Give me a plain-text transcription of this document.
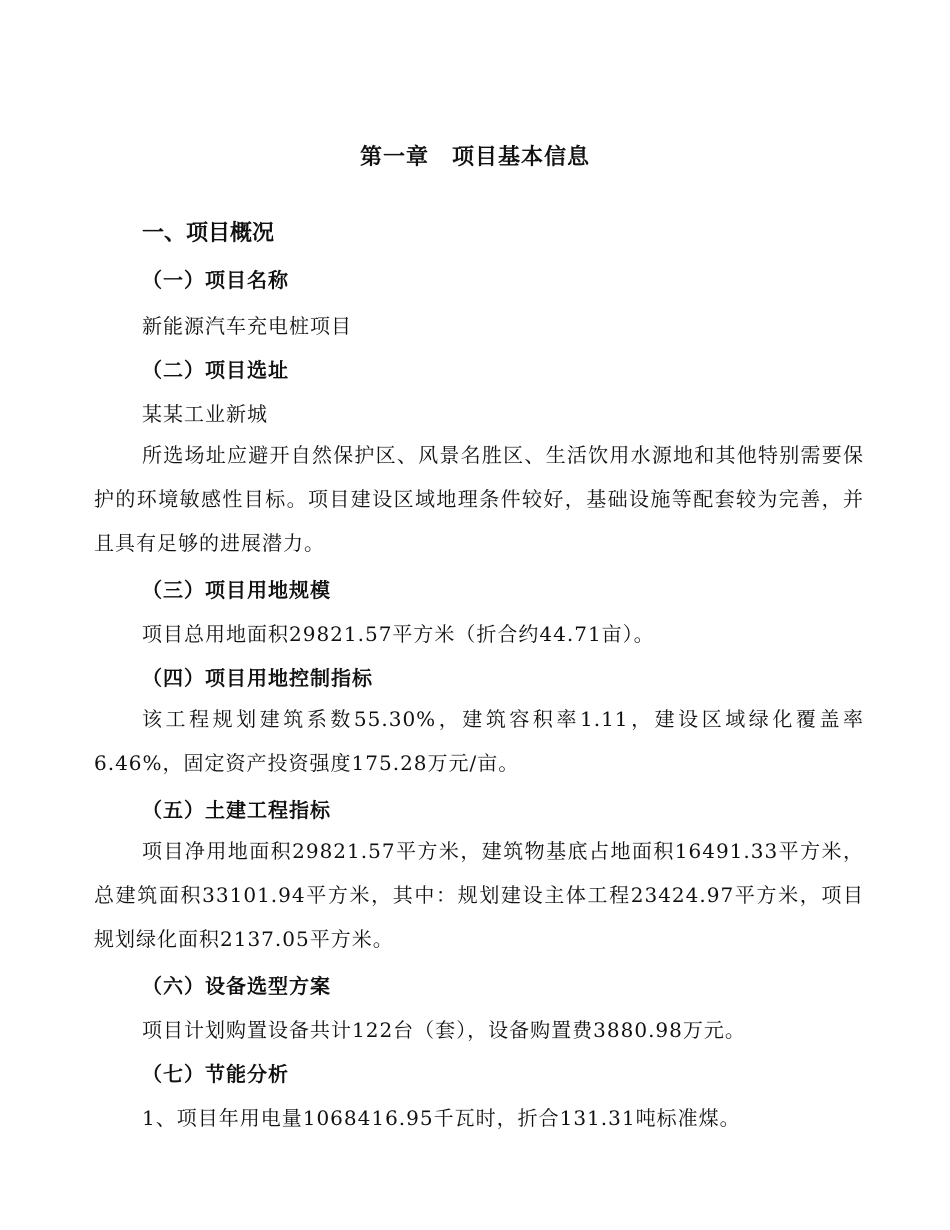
第一章　项目基本信息
一、项目概况
（一）项目名称
新能源汽车充电桩项目
（二）项目选址
某某工业新城
所选场址应避开自然保护区、风景名胜区、生活饮用水源地和其他特别需要保护的环境敏感性目标。项目建设区域地理条件较好，基础设施等配套较为完善，并且具有足够的进展潜力。
（三）项目用地规模
项目总用地面积29821.57平方米（折合约44.71亩）。
（四）项目用地控制指标
该工程规划建筑系数55.30%，建筑容积率1.11，建设区域绿化覆盖率6.46%，固定资产投资强度175.28万元/亩。
（五）土建工程指标
项目净用地面积29821.57平方米，建筑物基底占地面积16491.33平方米，总建筑面积33101.94平方米，其中：规划建设主体工程23424.97平方米，项目规划绿化面积2137.05平方米。
（六）设备选型方案
项目计划购置设备共计122台（套），设备购置费3880.98万元。
（七）节能分析
1、项目年用电量1068416.95千瓦时，折合131.31吨标准煤。
